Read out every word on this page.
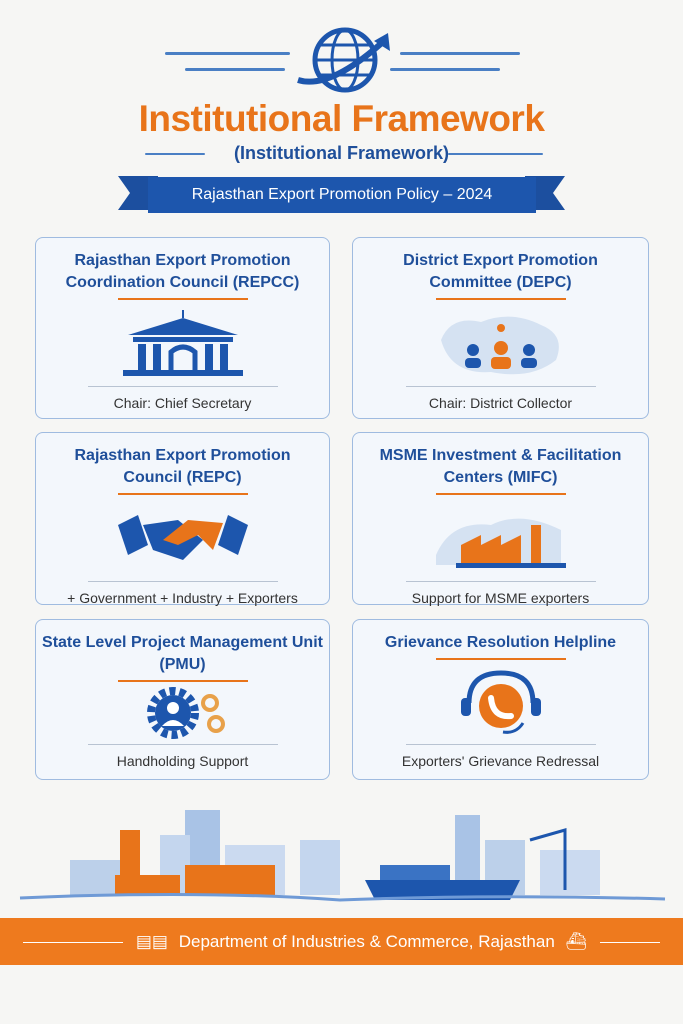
Institutional Framework
(Institutional Framework)
Rajasthan Export Promotion Policy – 2024
Rajasthan Export Promotion
Coordination Council (REPCC)
Chair: Chief Secretary
District Export Promotion
Committee (DEPC)
Chair: District Collector
Rajasthan Export Promotion
Council (REPC)
+ Government + Industry + Exporters
MSME Investment & Facilitation
Centers (MIFC)
Support for MSME exporters
State Level Project Management Unit
(PMU)
Handholding Support
Grievance Resolution Helpline
Exporters' Grievance Redressal
▤▤ Department of Industries & Commerce, Rajasthan ⛴
